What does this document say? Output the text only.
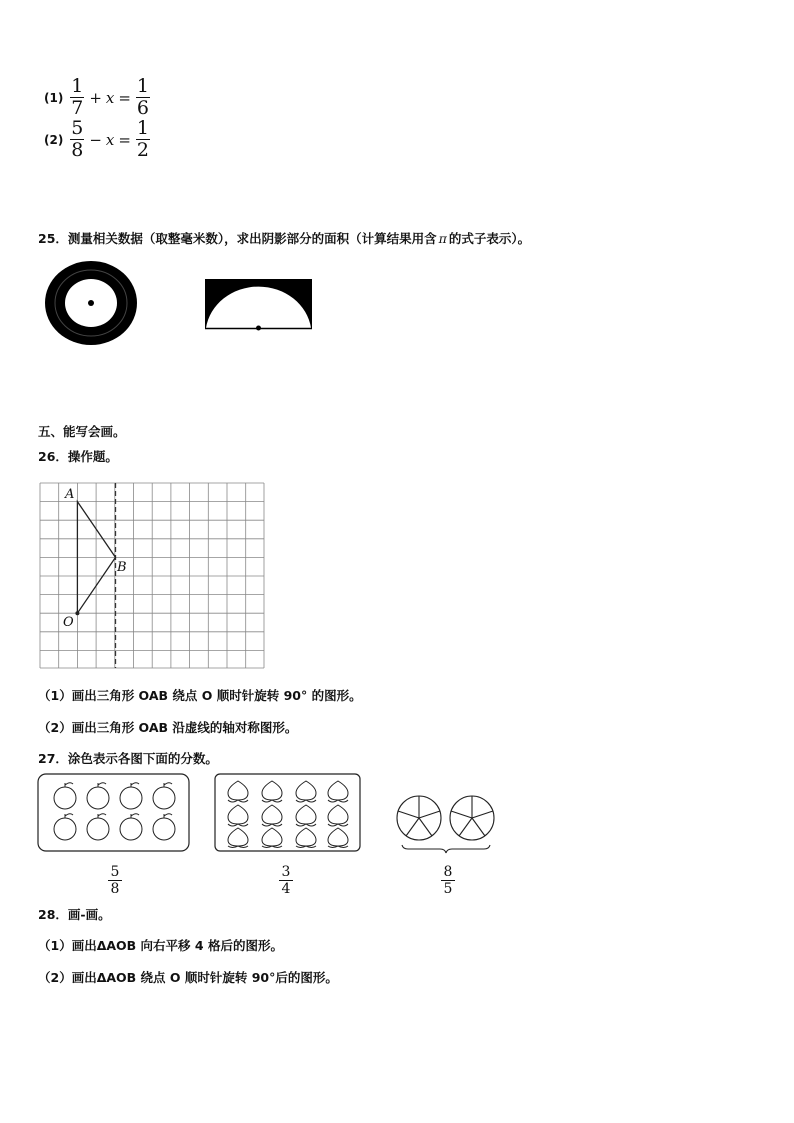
$(1) \frac{1}{7} + x = \frac{1}{6}$
$(2) \frac{5}{8} - x = \frac{1}{2}$
25．测量相关数据（取整毫米数），求出阴影部分的面积（计算结果用含 π 的式子表示）。
五、能写会画。
26．操作题。
A
B
O
（1）画出三角形 OAB 绕点 O 顺时针旋转 90° 的图形。
（2）画出三角形 OAB 沿虚线的轴对称图形。
27．涂色表示各图下面的分数。
5
8
3
4
8
5
28．画-画。
（1）画出ΔAOB 向右平移 4 格后的图形。
（2）画出ΔAOB 绕点 O 顺时针旋转 90°后的图形。
